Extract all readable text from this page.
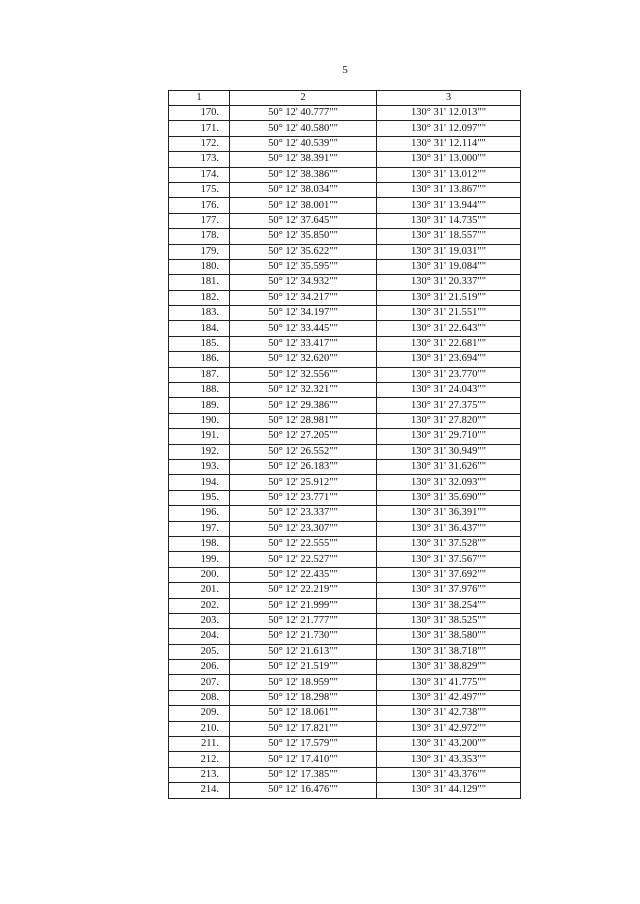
5
1	2	3
170.	50° 12' 40.777""	130° 31' 12.013""
171.	50° 12' 40.580""	130° 31' 12.097""
172.	50° 12' 40.539""	130° 31' 12.114""
173.	50° 12' 38.391""	130° 31' 13.000""
174.	50° 12' 38.386""	130° 31' 13.012""
175.	50° 12' 38.034""	130° 31' 13.867""
176.	50° 12' 38.001""	130° 31' 13.944""
177.	50° 12' 37.645""	130° 31' 14.735""
178.	50° 12' 35.850""	130° 31' 18.557""
179.	50° 12' 35.622""	130° 31' 19.031""
180.	50° 12' 35.595""	130° 31' 19.084""
181.	50° 12' 34.932""	130° 31' 20.337""
182.	50° 12' 34.217""	130° 31' 21.519""
183.	50° 12' 34.197""	130° 31' 21.551""
184.	50° 12' 33.445""	130° 31' 22.643""
185.	50° 12' 33.417""	130° 31' 22.681""
186.	50° 12' 32.620""	130° 31' 23.694""
187.	50° 12' 32.556""	130° 31' 23.770""
188.	50° 12' 32.321""	130° 31' 24.043""
189.	50° 12' 29.386""	130° 31' 27.375""
190.	50° 12' 28.981""	130° 31' 27.820""
191.	50° 12' 27.205""	130° 31' 29.710""
192.	50° 12' 26.552""	130° 31' 30.949""
193.	50° 12' 26.183""	130° 31' 31.626""
194.	50° 12' 25.912""	130° 31' 32.093""
195.	50° 12' 23.771""	130° 31' 35.690""
196.	50° 12' 23.337""	130° 31' 36.391""
197.	50° 12' 23.307""	130° 31' 36.437""
198.	50° 12' 22.555""	130° 31' 37.528""
199.	50° 12' 22.527""	130° 31' 37.567""
200.	50° 12' 22.435""	130° 31' 37.692""
201.	50° 12' 22.219""	130° 31' 37.976""
202.	50° 12' 21.999""	130° 31' 38.254""
203.	50° 12' 21.777""	130° 31' 38.525""
204.	50° 12' 21.730""	130° 31' 38.580""
205.	50° 12' 21.613""	130° 31' 38.718""
206.	50° 12' 21.519""	130° 31' 38.829""
207.	50° 12' 18.959""	130° 31' 41.775""
208.	50° 12' 18.298""	130° 31' 42.497""
209.	50° 12' 18.061""	130° 31' 42.738""
210.	50° 12' 17.821""	130° 31' 42.972""
211.	50° 12' 17.579""	130° 31' 43.200""
212.	50° 12' 17.410""	130° 31' 43.353""
213.	50° 12' 17.385""	130° 31' 43.376""
214.	50° 12' 16.476""	130° 31' 44.129""
